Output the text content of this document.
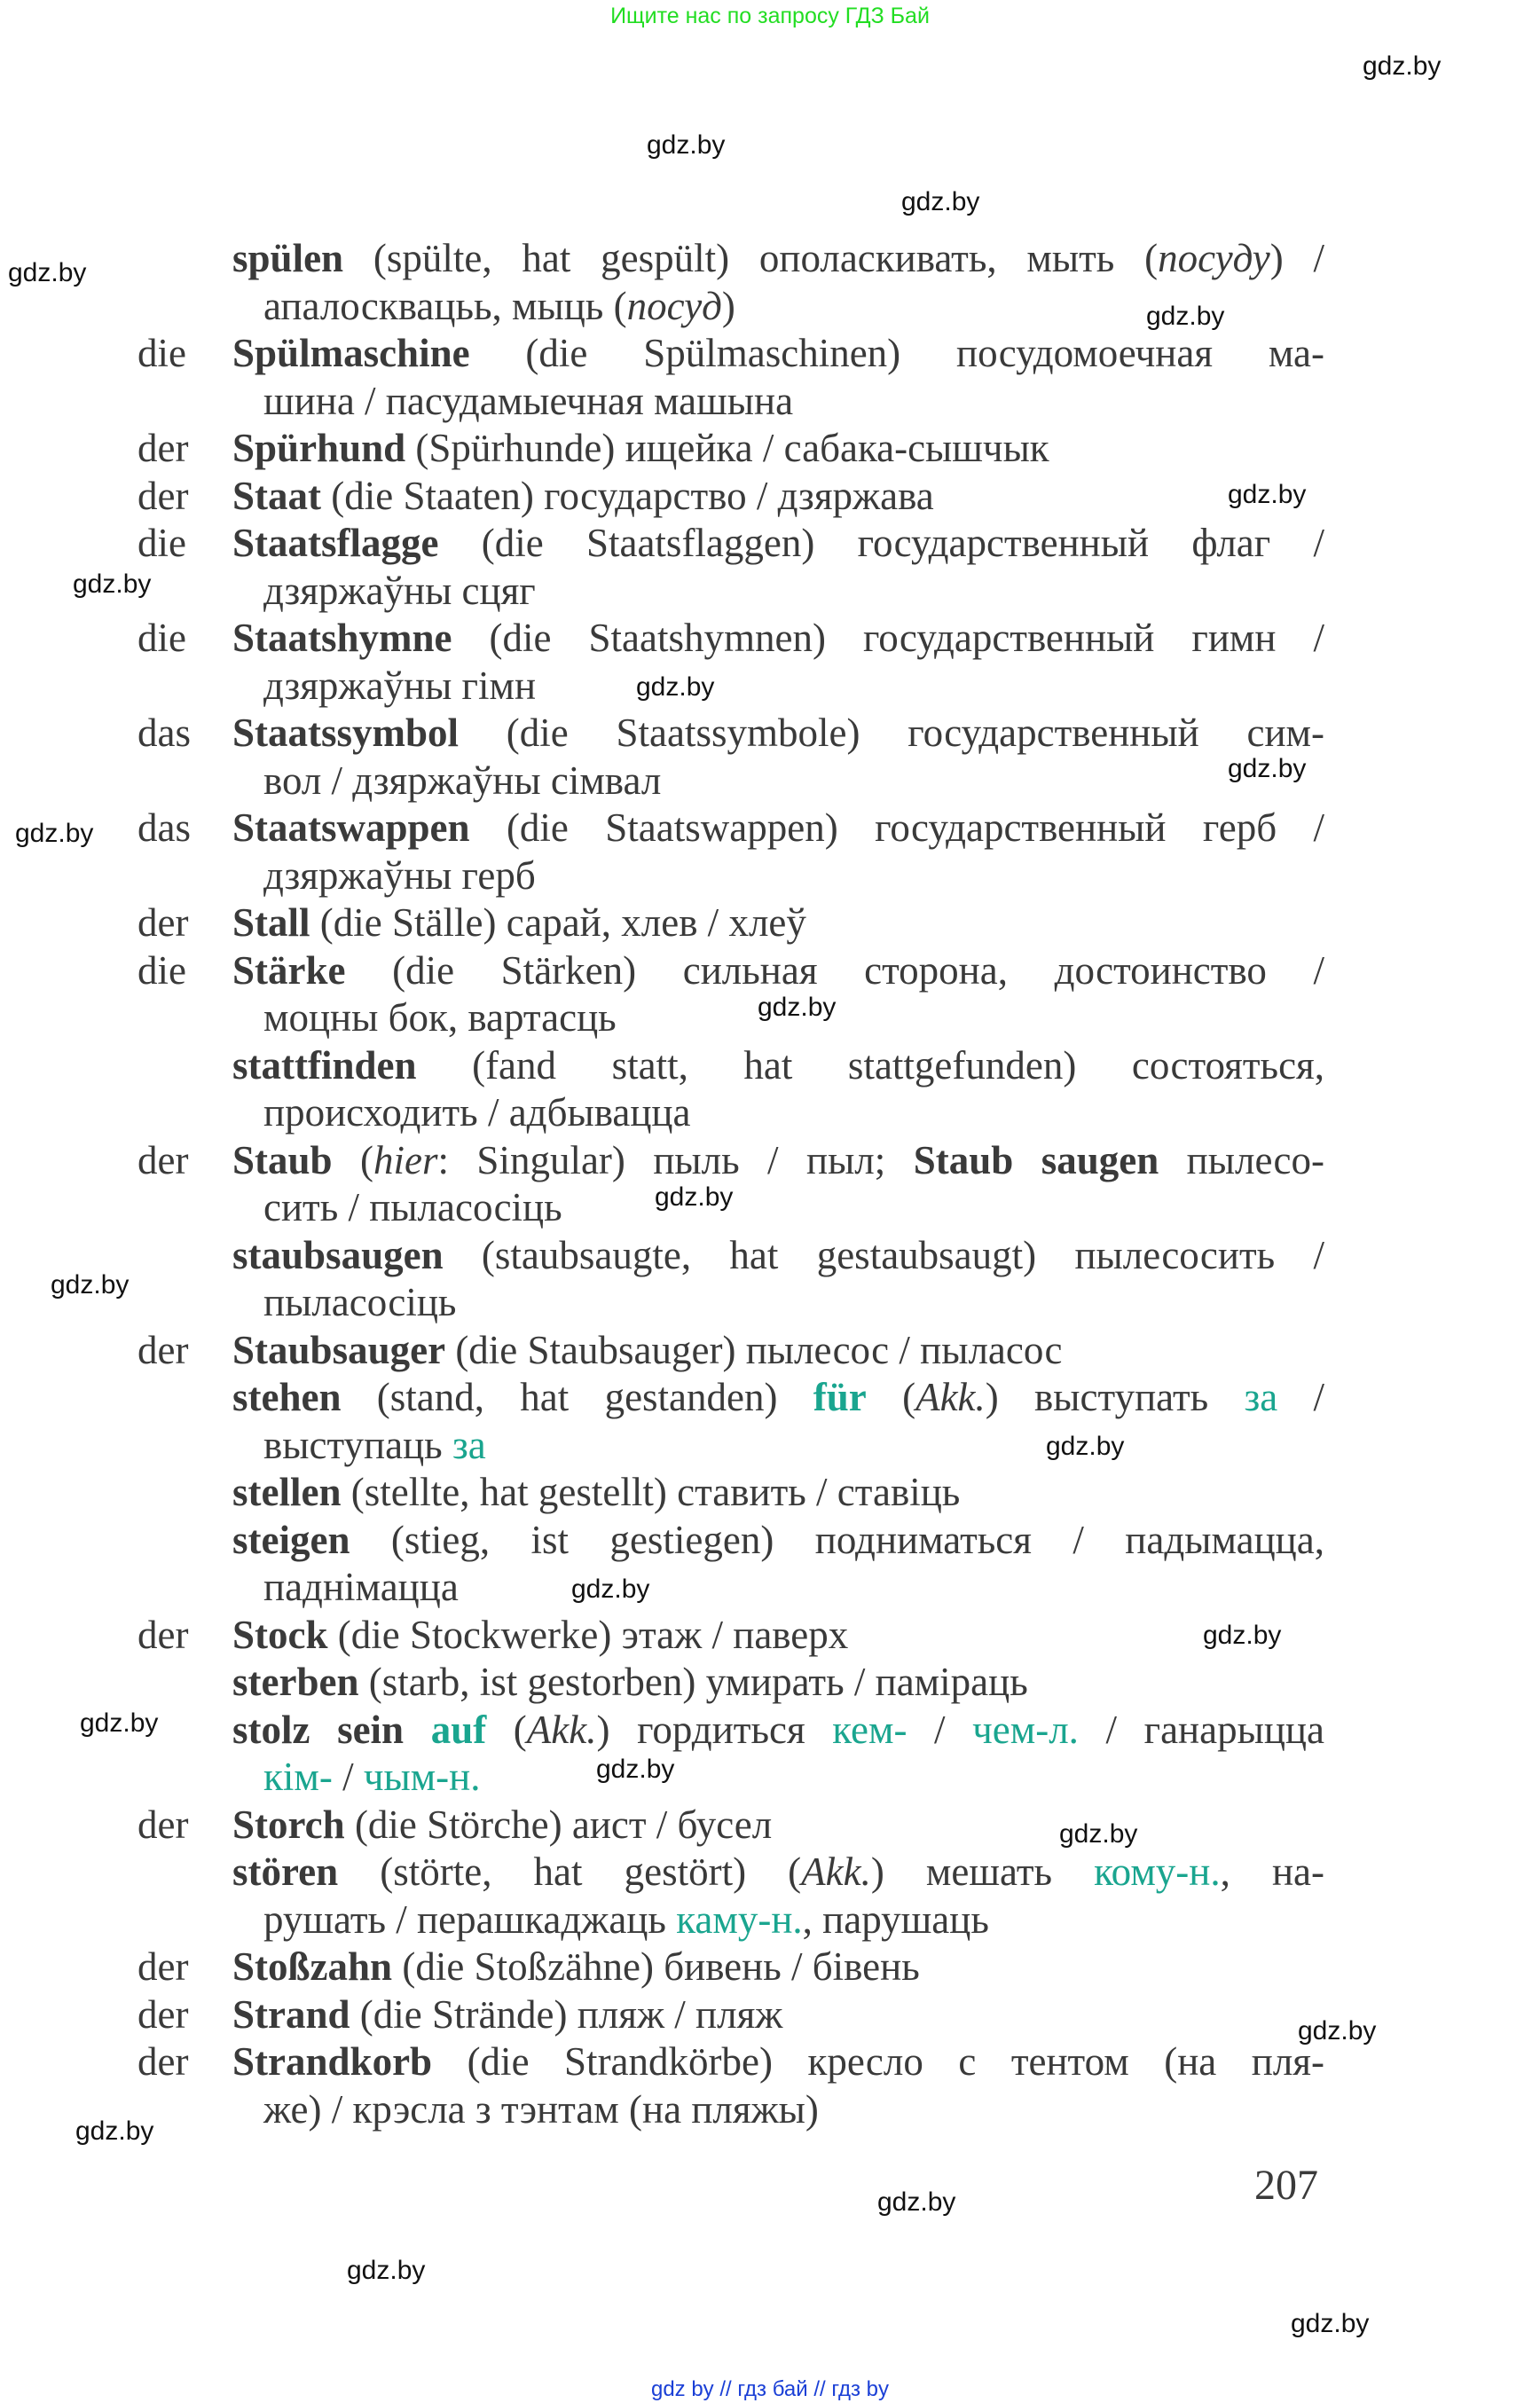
Ищите нас по запросу ГДЗ Бай
gdz.by
gdz.by
gdz.by
gdz.by
gdz.by
gdz.by
gdz.by
gdz.by
gdz.by
gdz.by
gdz.by
gdz.by
gdz.by
gdz.by
gdz.by
gdz.by
gdz.by
gdz.by
gdz.by
gdz.by
gdz.by
gdz.by
gdz.by
gdz.by
spülen (spülte, hat gespült) ополаскивать, мыть (посуду) /
апалосквацьь, мыць (посуд)
die Spülmaschine (die Spülmaschinen) посудомоечная ма-
шина / пасудамыечная машына
der Spürhund (Spürhunde) ищейка / сабака-сышчык
der Staat (die Staaten) государство / дзяржава
die Staatsflagge (die Staatsflaggen) государственный флаг /
дзяржаўны сцяг
die Staatshymne (die Staatshymnen) государственный гимн /
дзяржаўны гімн
das Staatssymbol (die Staatssymbole) государственный сим-
вол / дзяржаўны сімвал
das Staatswappen (die Staatswappen) государственный герб /
дзяржаўны герб
der Stall (die Ställe) сарай, хлев / хлеў
die Stärke (die Stärken) сильная сторона, достоинство /
моцны бок, вартасць
stattfinden (fand statt, hat stattgefunden) состояться,
происходить / адбывацца
der Staub (hier: Singular) пыль / пыл; Staub saugen пылесо-
сить / пыласосіць
staubsaugen (staubsaugte, hat gestaubsaugt) пылесосить /
пыласосіць
der Staubsauger (die Staubsauger) пылесос / пыласос
stehen (stand, hat gestanden) für (Akk.) выступать за /
выступаць за
stellen (stellte, hat gestellt) ставить / ставіць
steigen (stieg, ist gestiegen) подниматься / падымацца,
паднімацца
der Stock (die Stockwerke) этаж / паверх
sterben (starb, ist gestorben) умирать / паміраць
stolz sein auf (Akk.) гордиться кем- / чем-л. / ганарыцца
кім- / чым-н.
der Storch (die Störche) аист / бусел
stören (störte, hat gestört) (Akk.) мешать кому-н., на-
рушать / перашкаджаць каму-н., парушаць
der Stoßzahn (die Stoßzähne) бивень / бівень
der Strand (die Strände) пляж / пляж
der Strandkorb (die Strandkörbe) кресло с тентом (на пля-
же) / крэсла з тэнтам (на пляжы)
207
gdz by // гдз бай // гдз by
